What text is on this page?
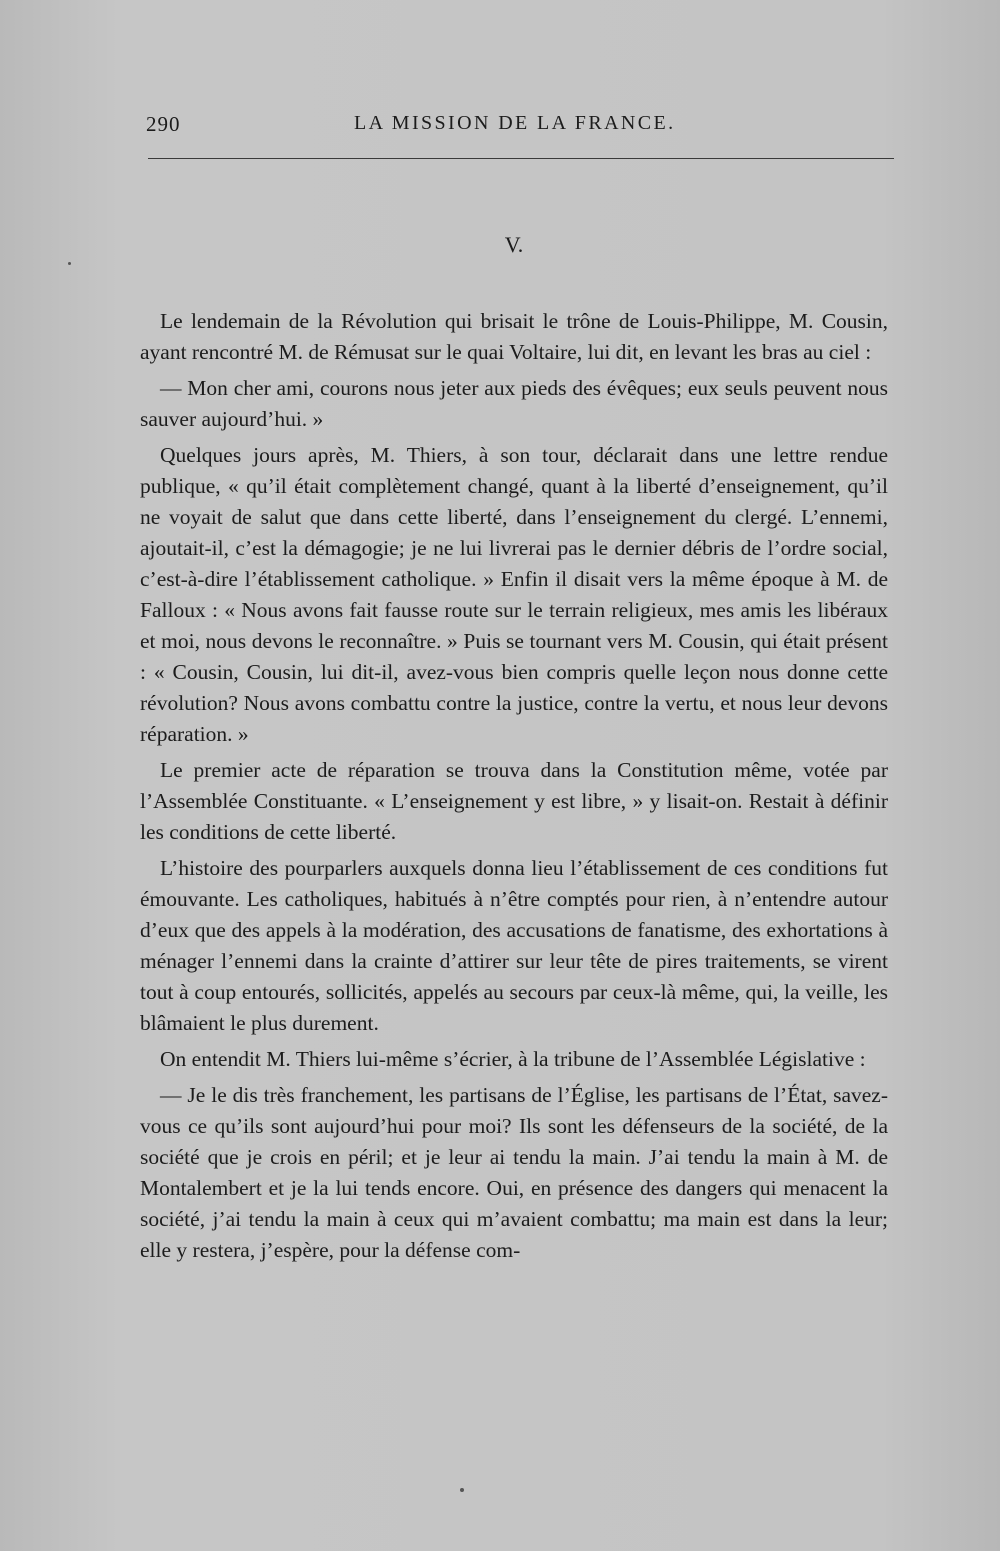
290	LA MISSION DE LA FRANCE.
V.

Le lendemain de la Révolution qui brisait le trône de Louis-Philippe, M. Cousin, ayant rencontré M. de Rémusat sur le quai Voltaire, lui dit, en levant les bras au ciel :

— Mon cher ami, courons nous jeter aux pieds des évêques; eux seuls peuvent nous sauver aujourd’hui. »

Quelques jours après, M. Thiers, à son tour, déclarait dans une lettre rendue publique, « qu’il était complètement changé, quant à la liberté d’enseignement, qu’il ne voyait de salut que dans cette liberté, dans l’enseignement du clergé. L’ennemi, ajoutait-il, c’est la démagogie; je ne lui livrerai pas le dernier débris de l’ordre social, c’est-à-dire l’établissement catholique. » Enfin il disait vers la même époque à M. de Falloux : « Nous avons fait fausse route sur le terrain religieux, mes amis les libéraux et moi, nous devons le reconnaître. » Puis se tournant vers M. Cousin, qui était présent : « Cousin, Cousin, lui dit-il, avez-vous bien compris quelle leçon nous donne cette révolution? Nous avons combattu contre la justice, contre la vertu, et nous leur devons réparation. »

Le premier acte de réparation se trouva dans la Constitution même, votée par l’Assemblée Constituante. « L’enseignement y est libre, » y lisait-on. Restait à définir les conditions de cette liberté.

L’histoire des pourparlers auxquels donna lieu l’établissement de ces conditions fut émouvante. Les catholiques, habitués à n’être comptés pour rien, à n’entendre autour d’eux que des appels à la modération, des accusations de fanatisme, des exhortations à ménager l’ennemi dans la crainte d’attirer sur leur tête de pires traitements, se virent tout à coup entourés, sollicités, appelés au secours par ceux-là même, qui, la veille, les blâmaient le plus durement.

On entendit M. Thiers lui-même s’écrier, à la tribune de l’Assemblée Législative :

— Je le dis très franchement, les partisans de l’Église, les partisans de l’État, savez-vous ce qu’ils sont aujourd’hui pour moi? Ils sont les défenseurs de la société, de la société que je crois en péril; et je leur ai tendu la main. J’ai tendu la main à M. de Montalembert et je la lui tends encore. Oui, en présence des dangers qui menacent la société, j’ai tendu la main à ceux qui m’avaient combattu; ma main est dans la leur; elle y restera, j’espère, pour la défense com-
